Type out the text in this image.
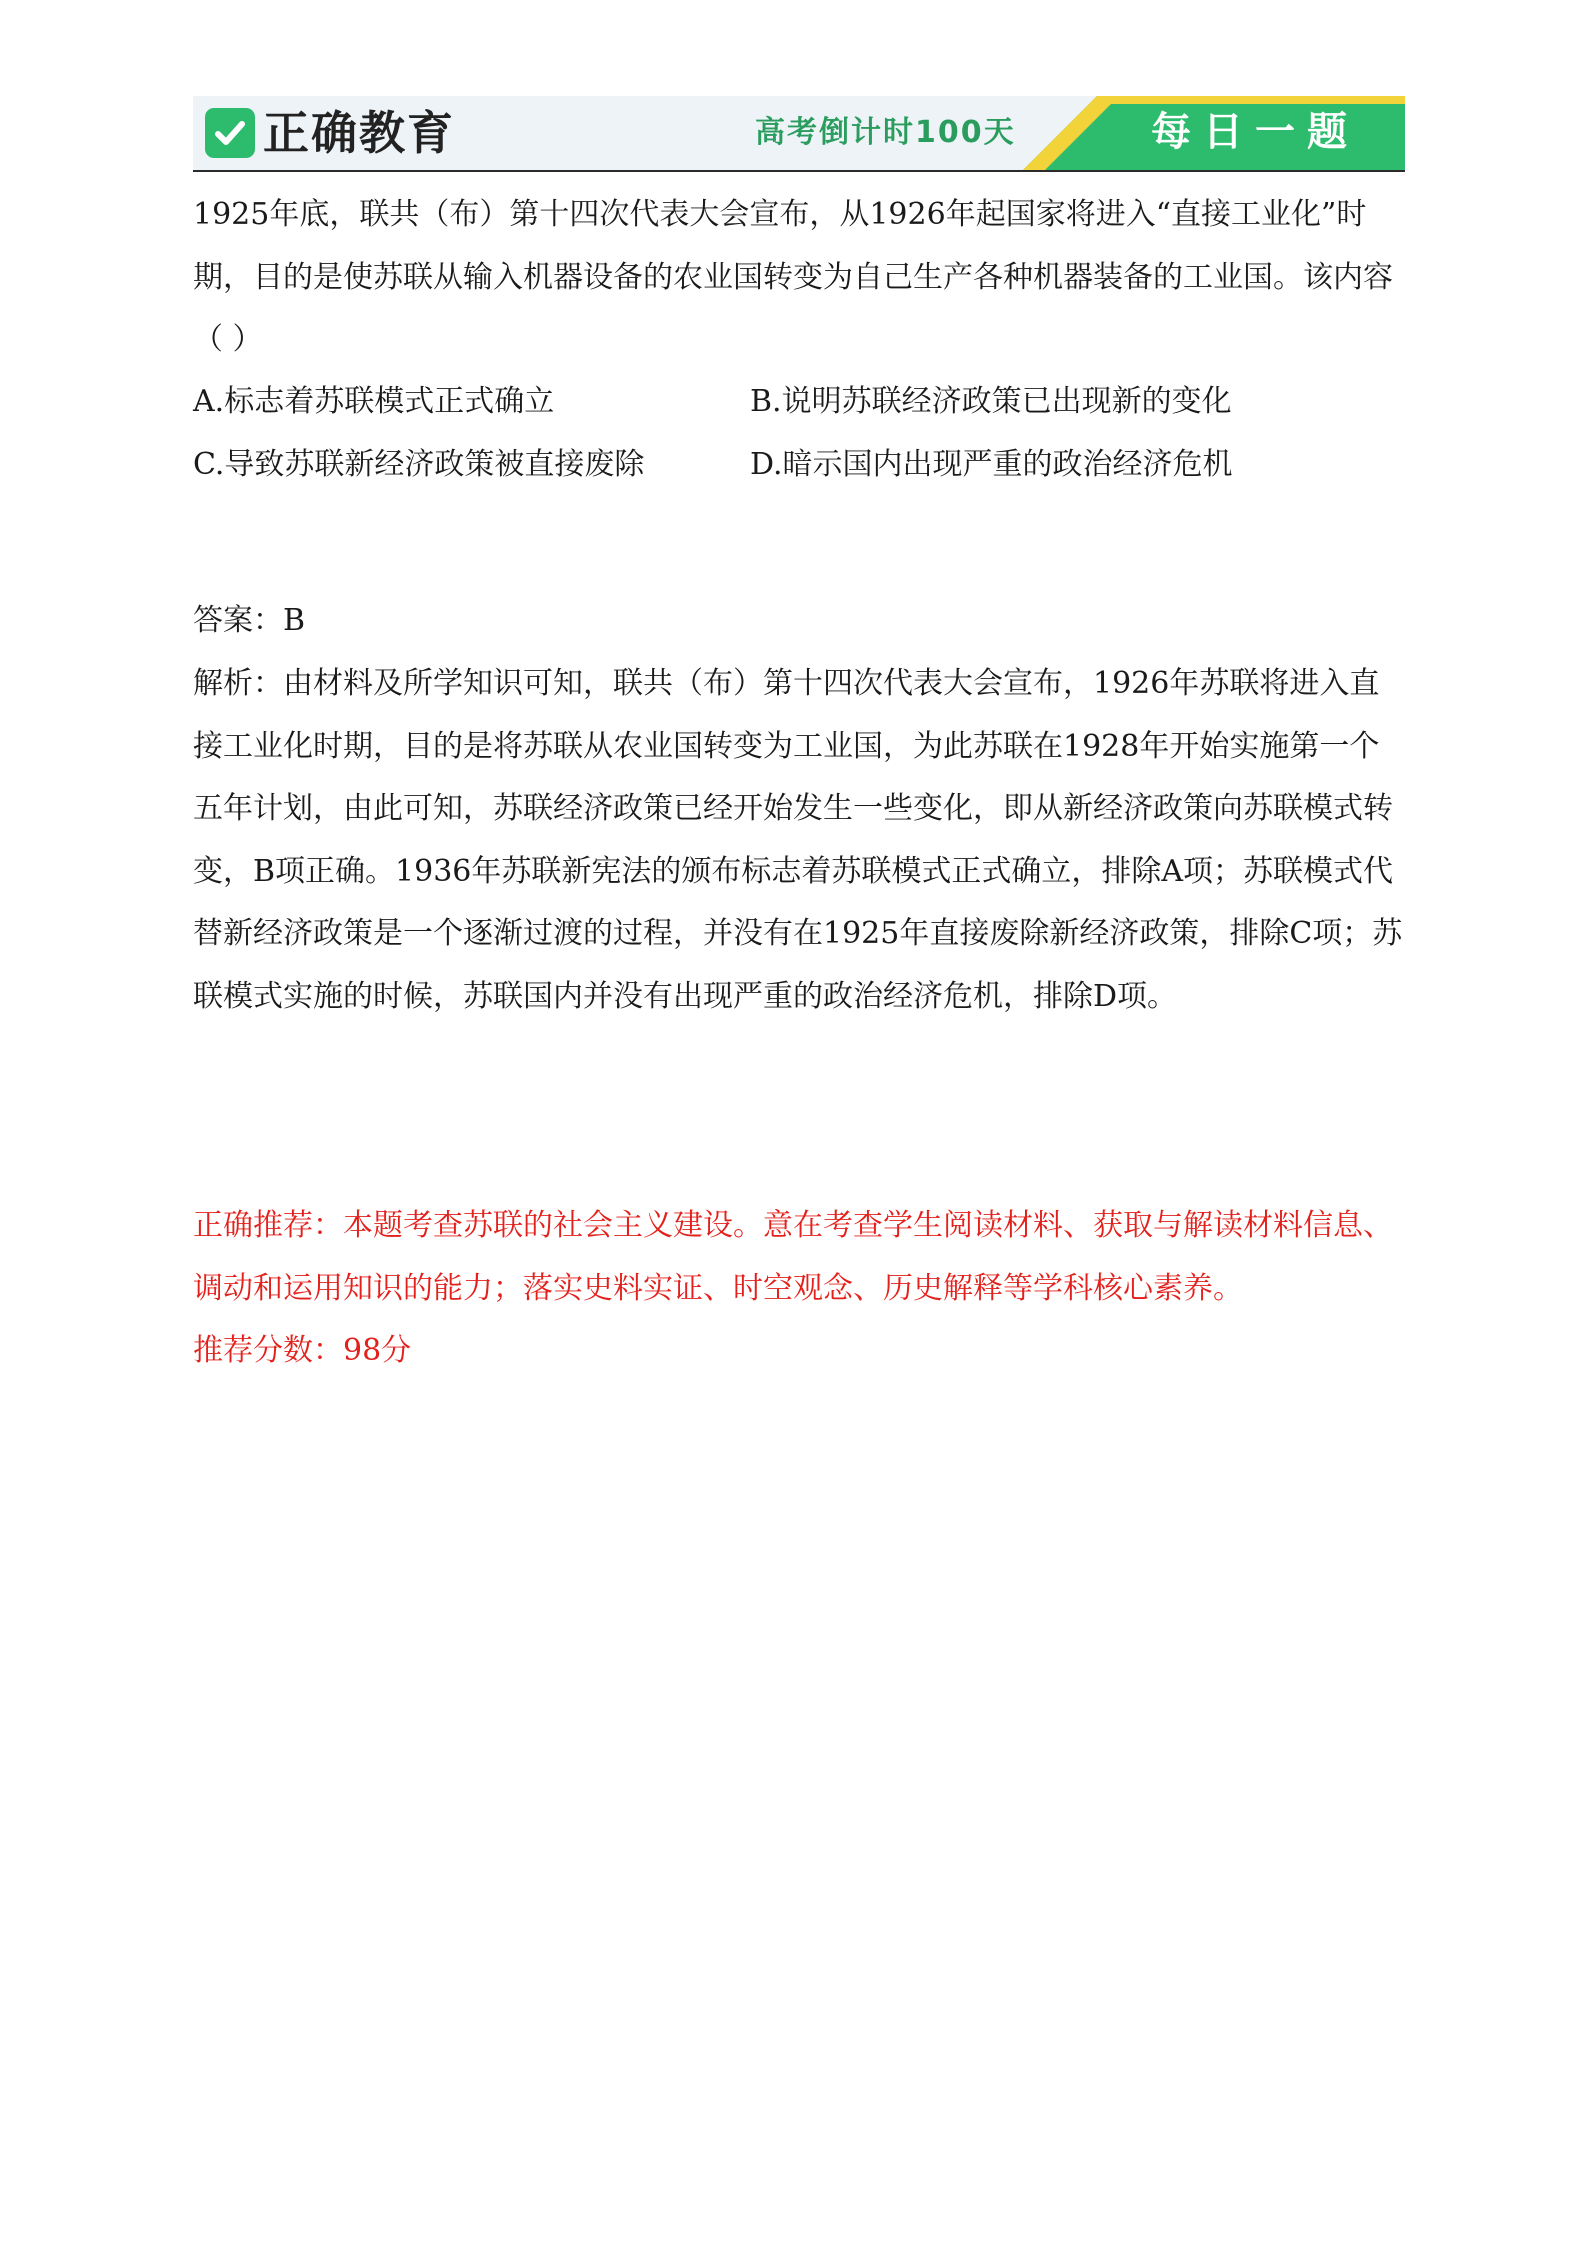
正确教育	高考倒计时100天	每日一题

1925年底，联共（布）第十四次代表大会宣布，从1926年起国家将进入“直接工业化”时期，目的是使苏联从输入机器设备的农业国转变为自己生产各种机器装备的工业国。该内容（ ）

A.标志着苏联模式正式确立	B.说明苏联经济政策已出现新的变化
C.导致苏联新经济政策被直接废除	D.暗示国内出现严重的政治经济危机

答案：B

解析：由材料及所学知识可知，联共（布）第十四次代表大会宣布，1926年苏联将进入直接工业化时期，目的是将苏联从农业国转变为工业国，为此苏联在1928年开始实施第一个五年计划，由此可知，苏联经济政策已经开始发生一些变化，即从新经济政策向苏联模式转变，B项正确。1936年苏联新宪法的颁布标志着苏联模式正式确立，排除A项；苏联模式代替新经济政策是一个逐渐过渡的过程，并没有在1925年直接废除新经济政策，排除C项；苏联模式实施的时候，苏联国内并没有出现严重的政治经济危机，排除D项。

正确推荐：本题考查苏联的社会主义建设。意在考查学生阅读材料、获取与解读材料信息、调动和运用知识的能力；落实史料实证、时空观念、历史解释等学科核心素养。

推荐分数：98分
